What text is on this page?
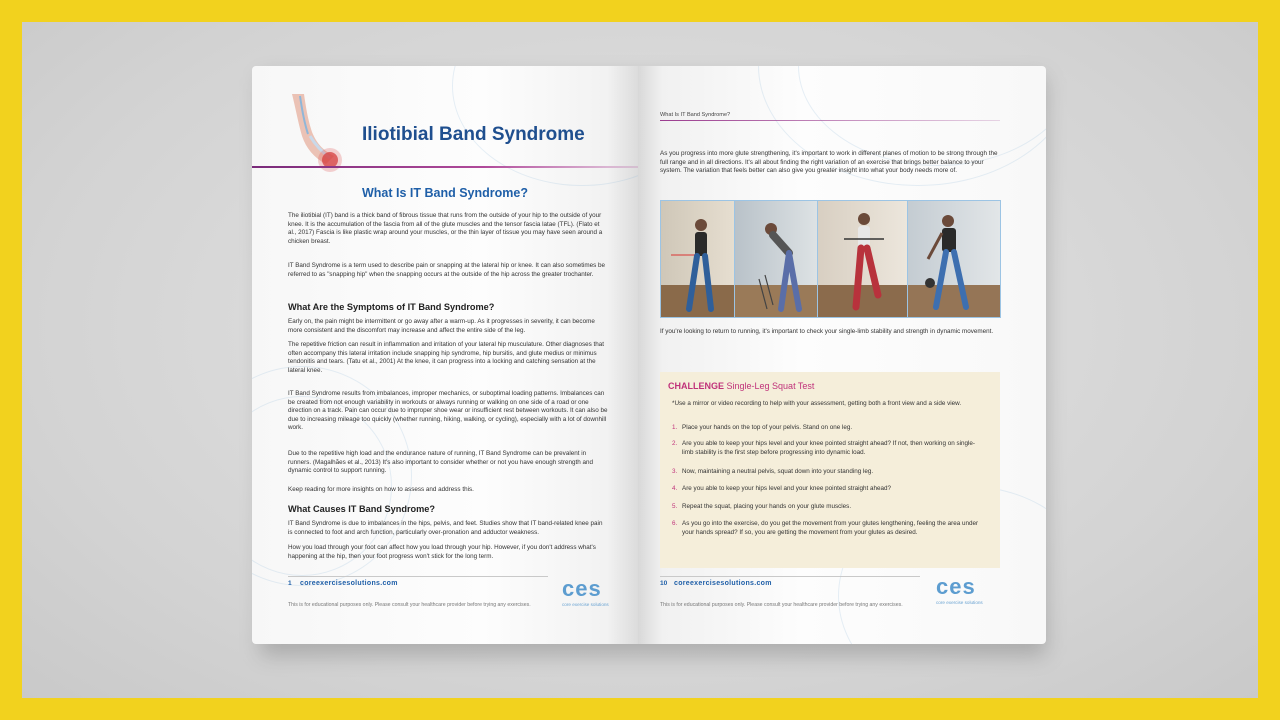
Iliotibial Band Syndrome
What Is IT Band Syndrome?

The iliotibial (IT) band is a thick band of fibrous tissue that runs from the outside of your hip to the outside of your knee. It is the accumulation of the fascia from all of the glute muscles and the tensor fascia latae (TFL). (Flato et al., 2017) Fascia is like plastic wrap around your muscles, or the thin layer of tissue you may have seen around a chicken breast.

IT Band Syndrome is a term used to describe pain or snapping at the lateral hip or knee. It can also sometimes be referred to as "snapping hip" when the snapping occurs at the outside of the hip across the greater trochanter.

What Are the Symptoms of IT Band Syndrome?

Early on, the pain might be intermittent or go away after a warm-up. As it progresses in severity, it can become more consistent and the discomfort may increase and affect the entire side of the leg.

The repetitive friction can result in inflammation and irritation of your lateral hip musculature. Other diagnoses that often accompany this lateral irritation include snapping hip syndrome, hip bursitis, and glute medius or minimus tendonitis and tears. (Tatu et al., 2001) At the knee, it can progress into a locking and catching sensation at the lateral knee.

IT Band Syndrome results from imbalances, improper mechanics, or suboptimal loading patterns. Imbalances can be created from not enough variability in workouts or always running or walking on one side of a road or one direction on a track. Pain can occur due to improper shoe wear or insufficient rest between workouts. It can also be due to increasing mileage too quickly (whether running, hiking, walking, or cycling), especially with a lot of downhill work.

Due to the repetitive high load and the endurance nature of running, IT Band Syndrome can be prevalent in runners. (Magalhães et al., 2013) It's also important to consider whether or not you have enough strength and dynamic control to support running.

Keep reading for more insights on how to assess and address this.

What Causes IT Band Syndrome?

IT Band Syndrome is due to imbalances in the hips, pelvis, and feet. Studies show that IT band-related knee pain is connected to foot and arch function, particularly over-pronation and adductor weakness.

How you load through your foot can affect how you load through your hip. However, if you don't address what's happening at the hip, then your foot progress won't stick for the long term.

1 coreexercisesolutions.com
This is for educational purposes only. Please consult your healthcare provider before trying any exercises.
ces
core exercise solutions
What Is IT Band Syndrome?

As you progress into more glute strengthening, it's important to work in different planes of motion to be strong through the full range and in all directions. It's all about finding the right variation of an exercise that brings better balance to your system. The variation that feels better can also give you greater insight into what your body needs more of.

If you're looking to return to running, it's important to check your single-limb stability and strength in dynamic movement.

CHALLENGE Single-Leg Squat Test

*Use a mirror or video recording to help with your assessment, getting both a front view and a side view.

1. Place your hands on the top of your pelvis. Stand on one leg.
2. Are you able to keep your hips level and your knee pointed straight ahead? If not, then working on single-limb stability is the first step before progressing into dynamic load.
3. Now, maintaining a neutral pelvis, squat down into your standing leg.
4. Are you able to keep your hips level and your knee pointed straight ahead?
5. Repeat the squat, placing your hands on your glute muscles.
6. As you go into the exercise, do you get the movement from your glutes lengthening, feeling the area under your hands spread? If so, you are getting the movement from your glutes as desired.
10 coreexercisesolutions.com
This is for educational purposes only. Please consult your healthcare provider before trying any exercises.
ces
core exercise solutions
